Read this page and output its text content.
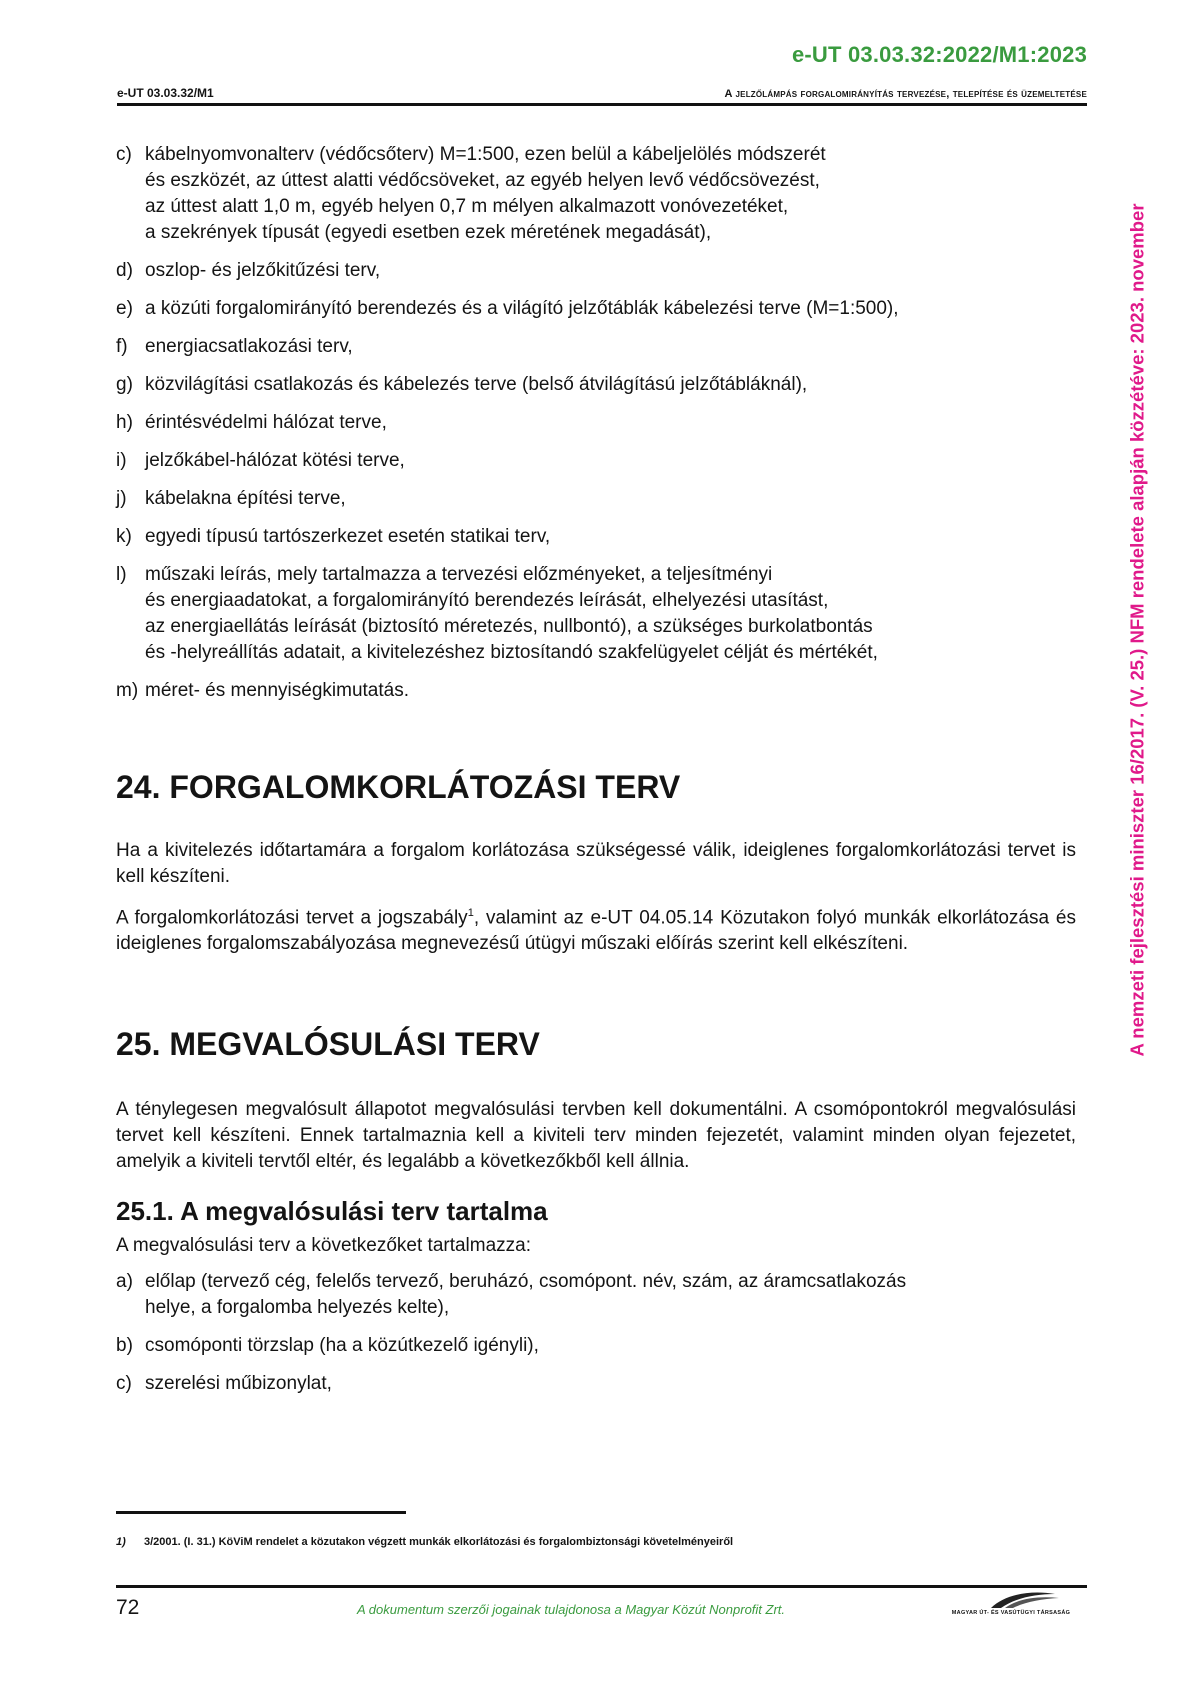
e-UT 03.03.32:2022/M1:2023
e-UT 03.03.32/M1	A jelzőlámpás forgalomirányítás tervezése, telepítése és üzemeltetése
A nemzeti fejlesztési miniszter 16/2017. (V. 25.) NFM rendelete alapján közzétéve: 2023. november
c) kábelnyomvonalterv (védőcsőterv) M=1:500, ezen belül a kábeljelölés módszerét
és eszközét, az úttest alatti védőcsöveket, az egyéb helyen levő védőcsövezést,
az úttest alatt 1,0 m, egyéb helyen 0,7 m mélyen alkalmazott vonóvezetéket,
a szekrények típusát (egyedi esetben ezek méretének megadását),
d) oszlop- és jelzőkitűzési terv,
e) a közúti forgalomirányító berendezés és a világító jelzőtáblák kábelezési terve (M=1:500),
f) energiacsatlakozási terv,
g) közvilágítási csatlakozás és kábelezés terve (belső átvilágítású jelzőtábláknál),
h) érintésvédelmi hálózat terve,
i) jelzőkábel-hálózat kötési terve,
j) kábelakna építési terve,
k) egyedi típusú tartószerkezet esetén statikai terv,
l) műszaki leírás, mely tartalmazza a tervezési előzményeket, a teljesítményi
és energiaadatokat, a forgalomirányító berendezés leírását, elhelyezési utasítást,
az energiaellátás leírását (biztosító méretezés, nullbontó), a szükséges burkolatbontás
és -helyreállítás adatait, a kivitelezéshez biztosítandó szakfelügyelet célját és mértékét,
m) méret- és mennyiségkimutatás.
24. FORGALOMKORLÁTOZÁSI TERV

Ha a kivitelezés időtartamára a forgalom korlátozása szükségessé válik, ideiglenes forgalomkorlátozási tervet is kell készíteni.

A forgalomkorlátozási tervet a jogszabály$^1$, valamint az e-UT 04.05.14 Közutakon folyó munkák elkorlátozása és ideiglenes forgalomszabályozása megnevezésű útügyi műszaki előírás szerint kell elkészíteni.

25. MEGVALÓSULÁSI TERV

A ténylegesen megvalósult állapotot megvalósulási tervben kell dokumentálni. A csomópontokról megvalósulási tervet kell készíteni. Ennek tartalmaznia kell a kiviteli terv minden fejezetét, valamint minden olyan fejezetet, amelyik a kiviteli tervtől eltér, és legalább a következőkből kell állnia.

25.1. A megvalósulási terv tartalma

A megvalósulási terv a következőket tartalmazza:

a) előlap (tervező cég, felelős tervező, beruházó, csomópont. név, szám, az áramcsatlakozás
helye, a forgalomba helyezés kelte),
b) csomóponti törzslap (ha a közútkezelő igényli),
c) szerelési műbizonylat,
1)	3/2001. (I. 31.) KöViM rendelet a közutakon végzett munkák elkorlátozási és forgalombiztonsági követelményeiről
72	A dokumentum szerzői jogainak tulajdonosa a Magyar Közút Nonprofit Zrt.	MAGYAR ÚT- ÉS VASÚTÜGYI TÁRSASÁG
